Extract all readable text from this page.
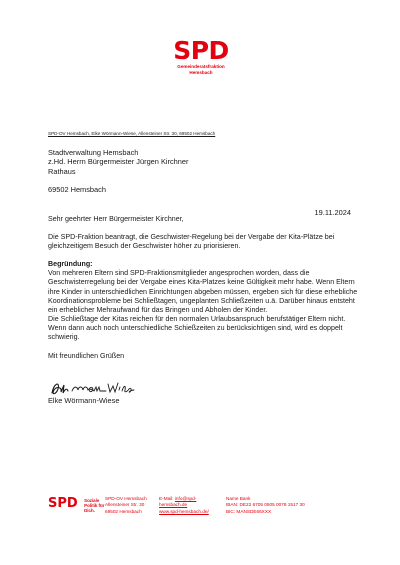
SPD
Gemeinderatsfraktion
Hemsbach
SPD-OV Hemsbach, Elke Wörmann-Wiese, Allensteiner Str. 30, 69502 Hemsbach
Stadtverwaltung Hemsbach
z.Hd. Herrn Bürgermeister Jürgen Kirchner
Rathaus
69502 Hemsbach
19.11.2024

Sehr geehrter Herr Bürgermeister Kirchner,

Die SPD-Fraktion beantragt, die Geschwister-Regelung bei der Vergabe der Kita-Plätze bei gleichzeitigem Besuch der Geschwister höher zu priorisieren.

Begründung:

Von mehreren Eltern sind SPD-Fraktionsmitglieder angesprochen worden, dass die Geschwisterregelung bei der Vergabe eines Kita-Platzes keine Gültigkeit mehr habe. Wenn Eltern ihre Kinder in unterschiedlichen Einrichtungen abgeben müssen, ergeben sich für diese erhebliche Koordinationsprobleme bei Schließtagen, ungeplanten Schließzeiten u.ä. Darüber hinaus entsteht ein erheblicher Mehraufwand für das Bringen und Abholen der Kinder.

Die Schließtage der Kitas reichen für den normalen Urlaubsanspruch berufstätiger Eltern nicht. Wenn dann auch noch unterschiedliche Schießzeiten zu berücksichtigen sind, wird es doppelt schwierig.

Mit freundlichen Grüßen

Elke Wörmann-Wiese
SPD Soziale
Politik für
Dich.
SPD-OV Hemsbach
Allensteiner Str. 30
69502 Hemsbach
E-Mail: info@spd-
hemsbach.de
www.spd-hemsbach.de/
Name Bank
IBAN: DE22 6705 0505 0078 1517 30
BIC: MANSDE66XXX
